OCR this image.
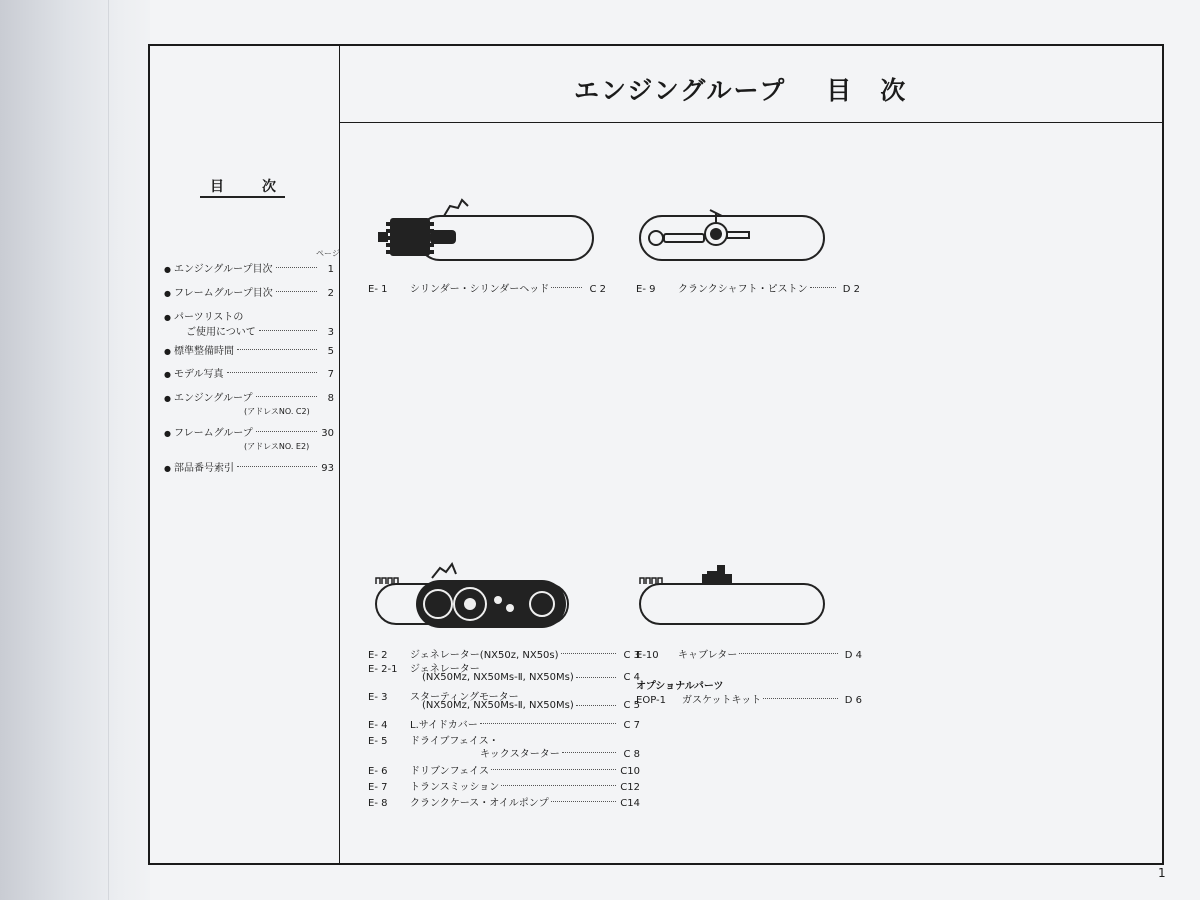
エンジングループ 目　次
目　次
ページ
● エンジングループ目次	1
● フレームグループ目次	2
● パーツリストの
ご使用について	3
● 標準整備時間	5
● モデル写真	7
● エンジングループ	8
(アドレスNO. C2)
● フレームグループ	30
(アドレスNO. E2)
● 部品番号索引	93
E- 1	シリンダー・シリンダーヘッド	C 2	E- 9	クランクシャフト・ピストン	D 2
E- 2	ジェネレーター(NX50z, NX50s)	C 3
E- 2-1	ジェネレーター
(NX50Mz, NX50Ms-Ⅱ, NX50Ms)	C 4
E- 3	スターティングモーター
(NX50Mz, NX50Ms-Ⅱ, NX50Ms)	C 5
E- 4	L.サイドカバー	C 7
E- 5	ドライブフェイス・
キックスターター	C 8
E- 6	ドリブンフェイス	C10
E- 7	トランスミッション	C12
E- 8	クランクケース・オイルポンプ	C14
E-10	キャブレター	D 4
オプショナルパーツ
EOP-1	ガスケットキット	D 6
1
